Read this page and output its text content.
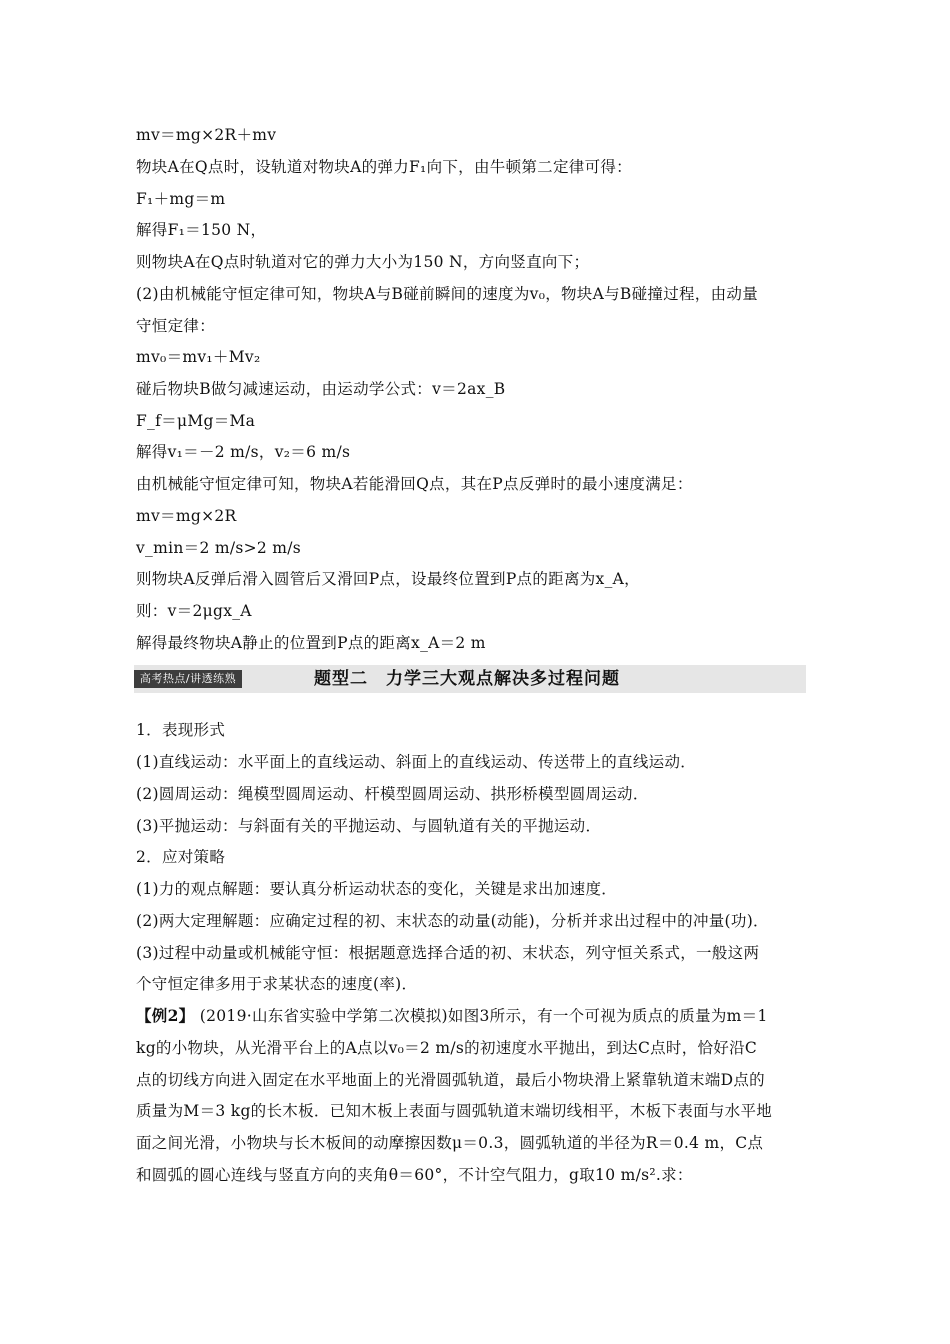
mv＝mg×2R＋mv
物块A在Q点时，设轨道对物块A的弹力F₁向下，由牛顿第二定律可得：
F₁＋mg＝m
解得F₁＝150 N，
则物块A在Q点时轨道对它的弹力大小为150 N，方向竖直向下；
(2)由机械能守恒定律可知，物块A与B碰前瞬间的速度为v₀，物块A与B碰撞过程，由动量
守恒定律：
mv₀＝mv₁＋Mv₂
碰后物块B做匀减速运动，由运动学公式：v＝2ax_B
F_f＝μMg＝Ma
解得v₁＝－2 m/s，v₂＝6 m/s
由机械能守恒定律可知，物块A若能滑回Q点，其在P点反弹时的最小速度满足：
mv＝mg×2R
v_min＝2 m/s>2 m/s
则物块A反弹后滑入圆管后又滑回P点，设最终位置到P点的距离为x_A，
则：v＝2μgx_A
解得最终物块A静止的位置到P点的距离x_A＝2 m
高考热点/讲透练熟	题型二　力学三大观点解决多过程问题
1．表现形式
(1)直线运动：水平面上的直线运动、斜面上的直线运动、传送带上的直线运动．
(2)圆周运动：绳模型圆周运动、杆模型圆周运动、拱形桥模型圆周运动．
(3)平抛运动：与斜面有关的平抛运动、与圆轨道有关的平抛运动．
2．应对策略
(1)力的观点解题：要认真分析运动状态的变化，关键是求出加速度．
(2)两大定理解题：应确定过程的初、末状态的动量(动能)，分析并求出过程中的冲量(功)．
(3)过程中动量或机械能守恒：根据题意选择合适的初、末状态，列守恒关系式，一般这两
个守恒定律多用于求某状态的速度(率)．
【例2】 (2019·山东省实验中学第二次模拟)如图3所示，有一个可视为质点的质量为m＝1
kg的小物块，从光滑平台上的A点以v₀＝2 m/s的初速度水平抛出，到达C点时，恰好沿C
点的切线方向进入固定在水平地面上的光滑圆弧轨道，最后小物块滑上紧靠轨道末端D点的
质量为M＝3 kg的长木板．已知木板上表面与圆弧轨道末端切线相平，木板下表面与水平地
面之间光滑，小物块与长木板间的动摩擦因数μ＝0.3，圆弧轨道的半径为R＝0.4 m，C点
和圆弧的圆心连线与竖直方向的夹角θ＝60°，不计空气阻力，g取10 m/s².求：
